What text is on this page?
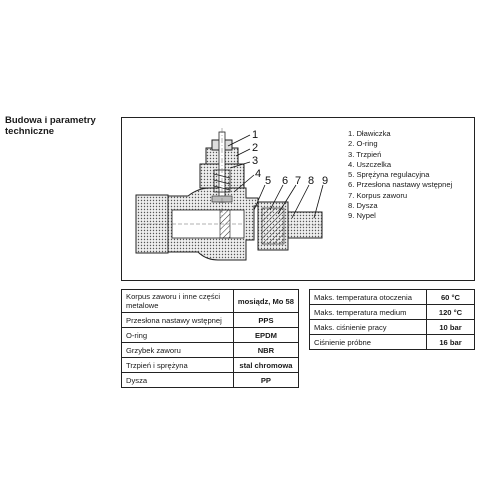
Budowa i parametry techniczne	1
2
3
4
5 6 7 8 9
1. Dławiczka
2. O-ring
3. Trzpień
4. Uszczelka
5. Sprężyna regulacyjna
6. Przesłona nastawy wstępnej
7. Korpus zaworu
8. Dysza
9. Nypel
Korpus zaworu i inne części metalowe	mosiądz, Mo 58
Przesłona nastawy wstępnej	PPS
O-ring	EPDM
Grzybek zaworu	NBR
Trzpień i sprężyna	stal chromowa
Dysza	PP
Maks. temperatura otoczenia	60 °C
Maks. temperatura medium	120 °C
Maks. ciśnienie pracy	10 bar
Ciśnienie próbne	16 bar
